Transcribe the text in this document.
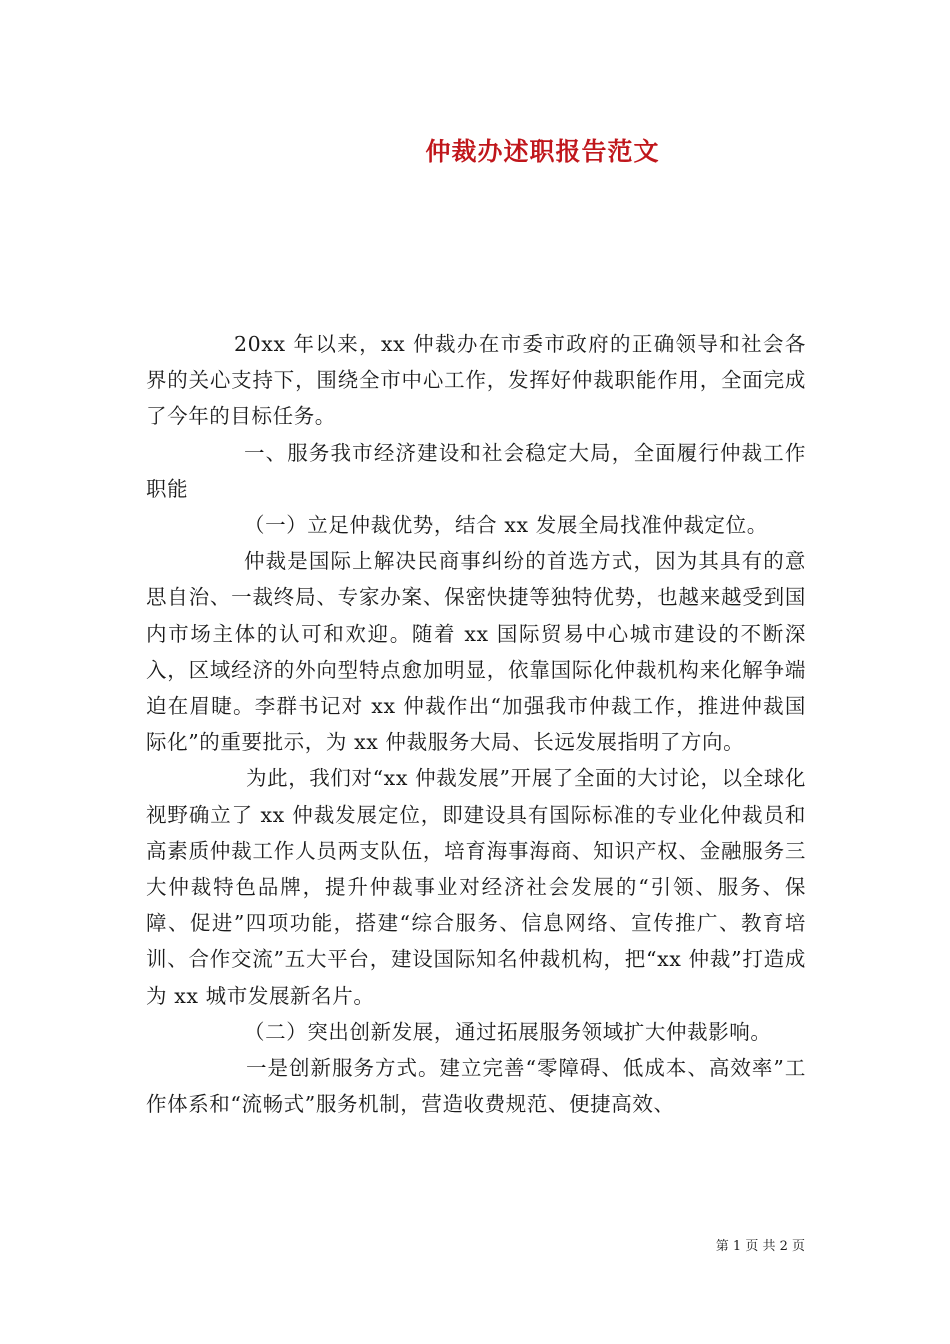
仲裁办述职报告范文

20xx 年以来，xx 仲裁办在市委市政府的正确领导和社会各界的关心支持下，围绕全市中心工作，发挥好仲裁职能作用，全面完成了今年的目标任务。

一、服务我市经济建设和社会稳定大局，全面履行仲裁工作职能

（一）立足仲裁优势，结合 xx 发展全局找准仲裁定位。

仲裁是国际上解决民商事纠纷的首选方式，因为其具有的意思自治、一裁终局、专家办案、保密快捷等独特优势，也越来越受到国内市场主体的认可和欢迎。随着 xx 国际贸易中心城市建设的不断深入，区域经济的外向型特点愈加明显，依靠国际化仲裁机构来化解争端迫在眉睫。李群书记对 xx 仲裁作出“加强我市仲裁工作，推进仲裁国际化”的重要批示，为 xx 仲裁服务大局、长远发展指明了方向。

为此，我们对“xx 仲裁发展”开展了全面的大讨论，以全球化视野确立了 xx 仲裁发展定位，即建设具有国际标准的专业化仲裁员和高素质仲裁工作人员两支队伍，培育海事海商、知识产权、金融服务三大仲裁特色品牌，提升仲裁事业对经济社会发展的“引领、服务、保障、促进”四项功能，搭建“综合服务、信息网络、宣传推广、教育培训、合作交流”五大平台，建设国际知名仲裁机构，把“xx 仲裁”打造成为 xx 城市发展新名片。

（二）突出创新发展，通过拓展服务领域扩大仲裁影响。

一是创新服务方式。建立完善“零障碍、低成本、高效率”工作体系和“流畅式”服务机制，营造收费规范、便捷高效、

第 1 页 共 2 页
